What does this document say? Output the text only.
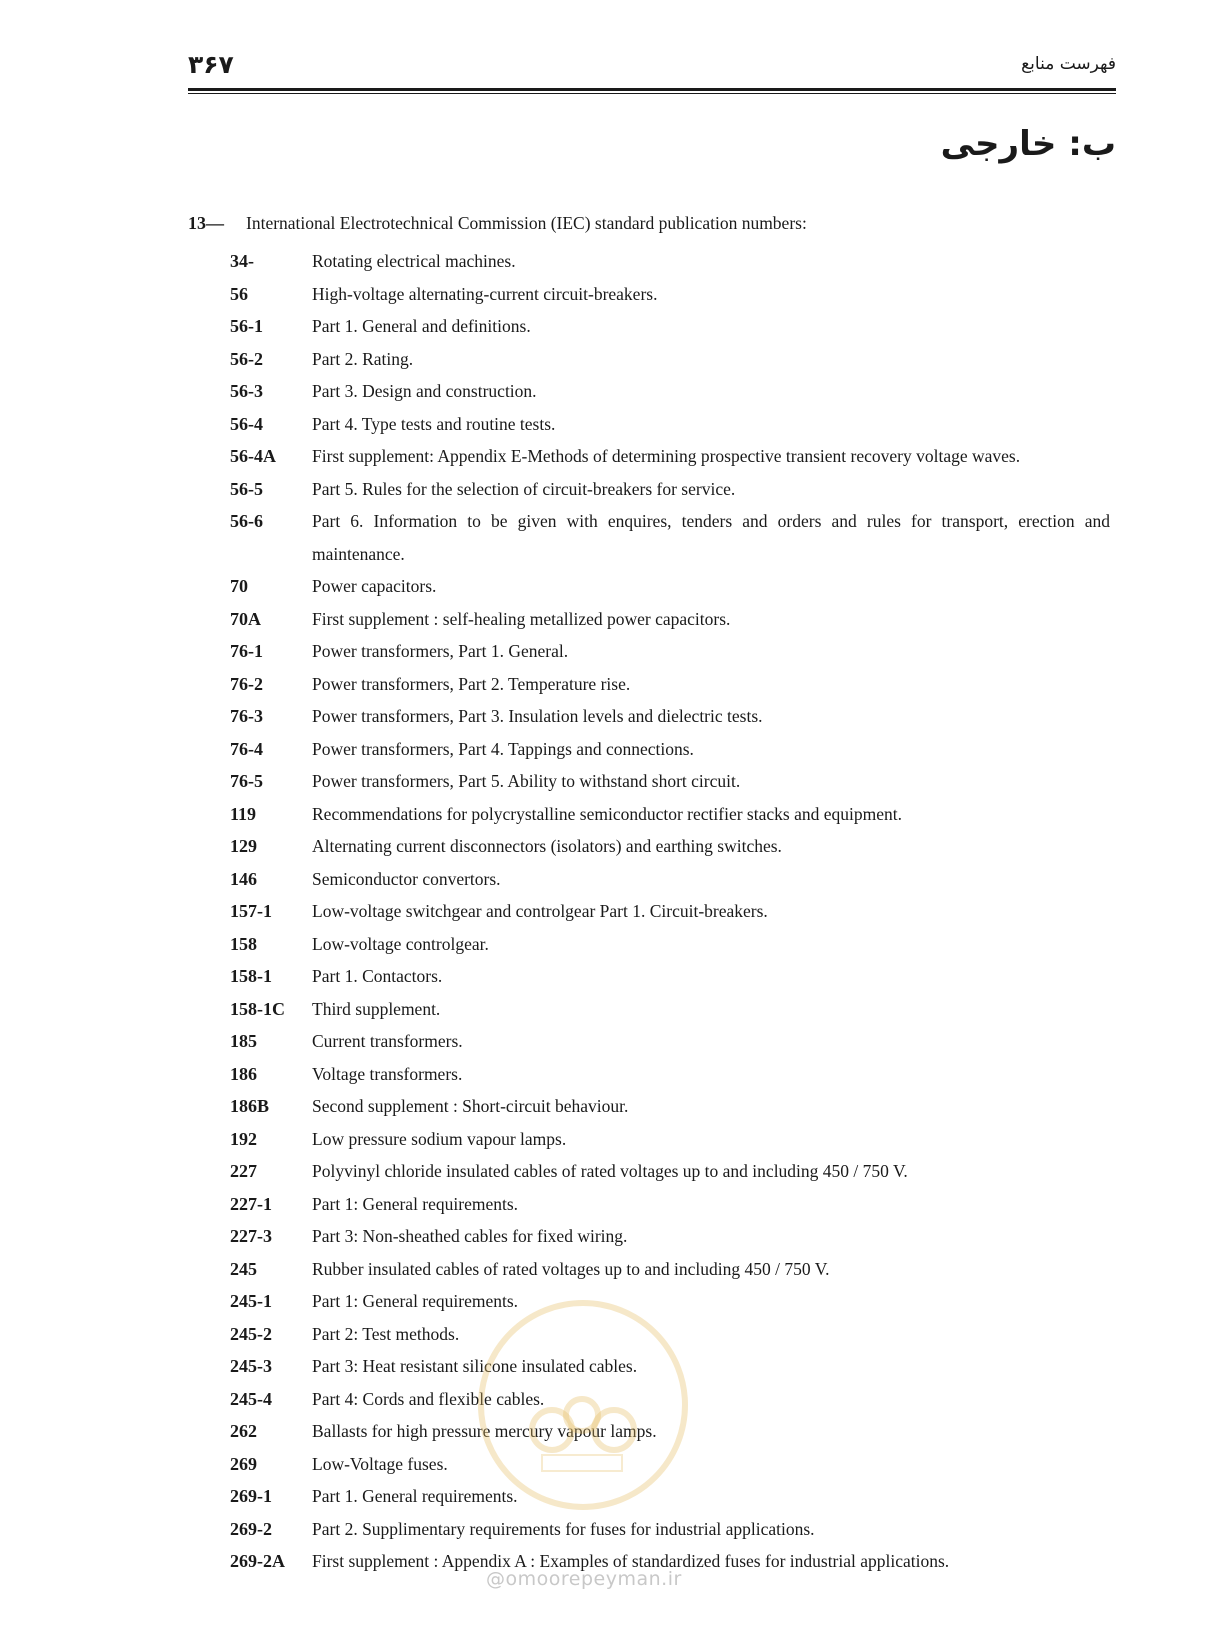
۳۶۷	فهرست منابع
ب: خارجی
13— International Electrotechnical Commission (IEC) standard publication numbers:
34-	Rotating electrical machines.
56	High-voltage alternating-current circuit-breakers.
56-1	Part 1. General and definitions.
56-2	Part 2. Rating.
56-3	Part 3. Design and construction.
56-4	Part 4. Type tests and routine tests.
56-4A	First supplement: Appendix E-Methods of determining prospective transient recovery voltage waves.
56-5	Part 5. Rules for the selection of circuit-breakers for service.
56-6	Part 6. Information to be given with enquires, tenders and orders and rules for transport, erection and maintenance.
70	Power capacitors.
70A	First supplement : self-healing metallized power capacitors.
76-1	Power transformers, Part 1. General.
76-2	Power transformers, Part 2. Temperature rise.
76-3	Power transformers, Part 3. Insulation levels and dielectric tests.
76-4	Power transformers, Part 4. Tappings and connections.
76-5	Power transformers, Part 5. Ability to withstand short circuit.
119	Recommendations for polycrystalline semiconductor rectifier stacks and equipment.
129	Alternating current disconnectors (isolators) and earthing switches.
146	Semiconductor convertors.
157-1	Low-voltage switchgear and controlgear Part 1. Circuit-breakers.
158	Low-voltage controlgear.
158-1	Part 1. Contactors.
158-1C	Third supplement.
185	Current transformers.
186	Voltage transformers.
186B	Second supplement : Short-circuit behaviour.
192	Low pressure sodium vapour lamps.
227	Polyvinyl chloride insulated cables of rated voltages up to and including 450 / 750 V.
227-1	Part 1: General requirements.
227-3	Part 3: Non-sheathed cables for fixed wiring.
245	Rubber insulated cables of rated voltages up to and including 450 / 750 V.
245-1	Part 1: General requirements.
245-2	Part 2: Test methods.
245-3	Part 3: Heat resistant silicone insulated cables.
245-4	Part 4: Cords and flexible cables.
262	Ballasts for high pressure mercury vapour lamps.
269	Low-Voltage fuses.
269-1	Part 1. General requirements.
269-2	Part 2. Supplimentary requirements for fuses for industrial applications.
269-2A	First supplement : Appendix A : Examples of standardized fuses for industrial applications.
@omoorepeyman.ir
